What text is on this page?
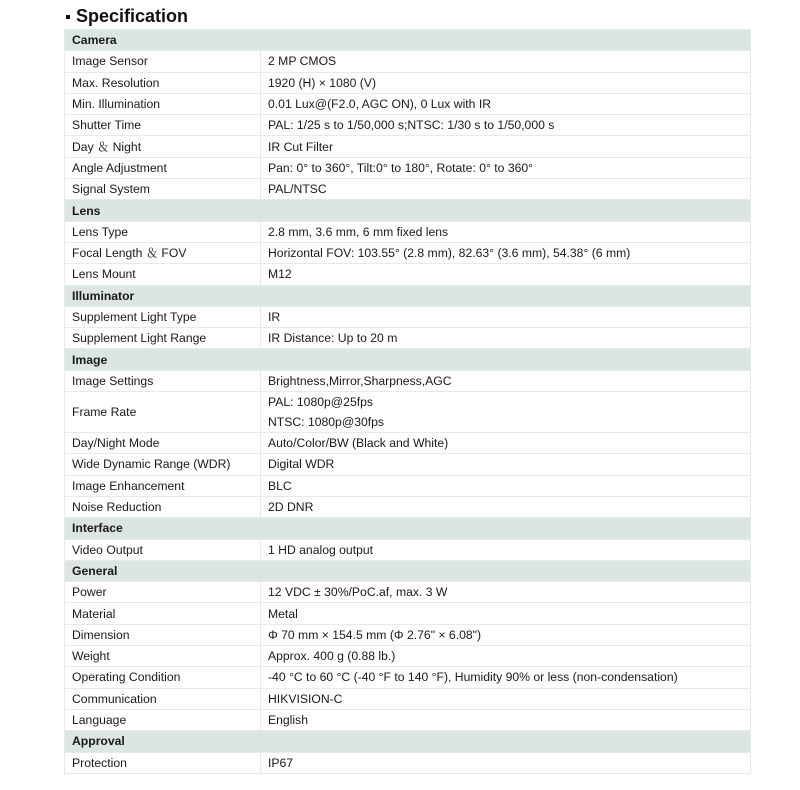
Specification
Camera	
Image Sensor	2 MP CMOS

Max. Resolution	1920 (H) × 1080 (V)

Min. Illumination	0.01 Lux@(F2.0, AGC ON), 0 Lux with IR

Shutter Time	PAL: 1/25 s to 1/50,000 s;NTSC: 1/30 s to 1/50,000 s

Day ＆ Night	IR Cut Filter

Angle Adjustment	Pan: 0° to 360°, Tilt:0° to 180°, Rotate: 0° to 360°

Signal System	PAL/NTSC

Lens	
Lens Type	2.8 mm, 3.6 mm, 6 mm fixed lens

Focal Length ＆ FOV	Horizontal FOV: 103.55° (2.8 mm), 82.63° (3.6 mm), 54.38° (6 mm)

Lens Mount	M12

Illuminator	
Supplement Light Type	IR

Supplement Light Range	IR Distance: Up to 20 m

Image	
Image Settings	Brightness,Mirror,Sharpness,AGC

Frame Rate	PAL: 1080p@25fps
NTSC: 1080p@30fps

Day/Night Mode	Auto/Color/BW (Black and White)

Wide Dynamic Range (WDR)	Digital WDR

Image Enhancement	BLC

Noise Reduction	2D DNR

Interface	
Video Output	1 HD analog output

General	
Power	12 VDC ± 30%/PoC.af, max. 3 W

Material	Metal

Dimension	Φ 70 mm × 154.5 mm (Φ 2.76" × 6.08")

Weight	Approx. 400 g (0.88 lb.)

Operating Condition	-40 °C to 60 °C (-40 °F to 140 °F), Humidity 90% or less (non-condensation)

Communication	HIKVISION-C

Language	English

Approval	
Protection	IP67
